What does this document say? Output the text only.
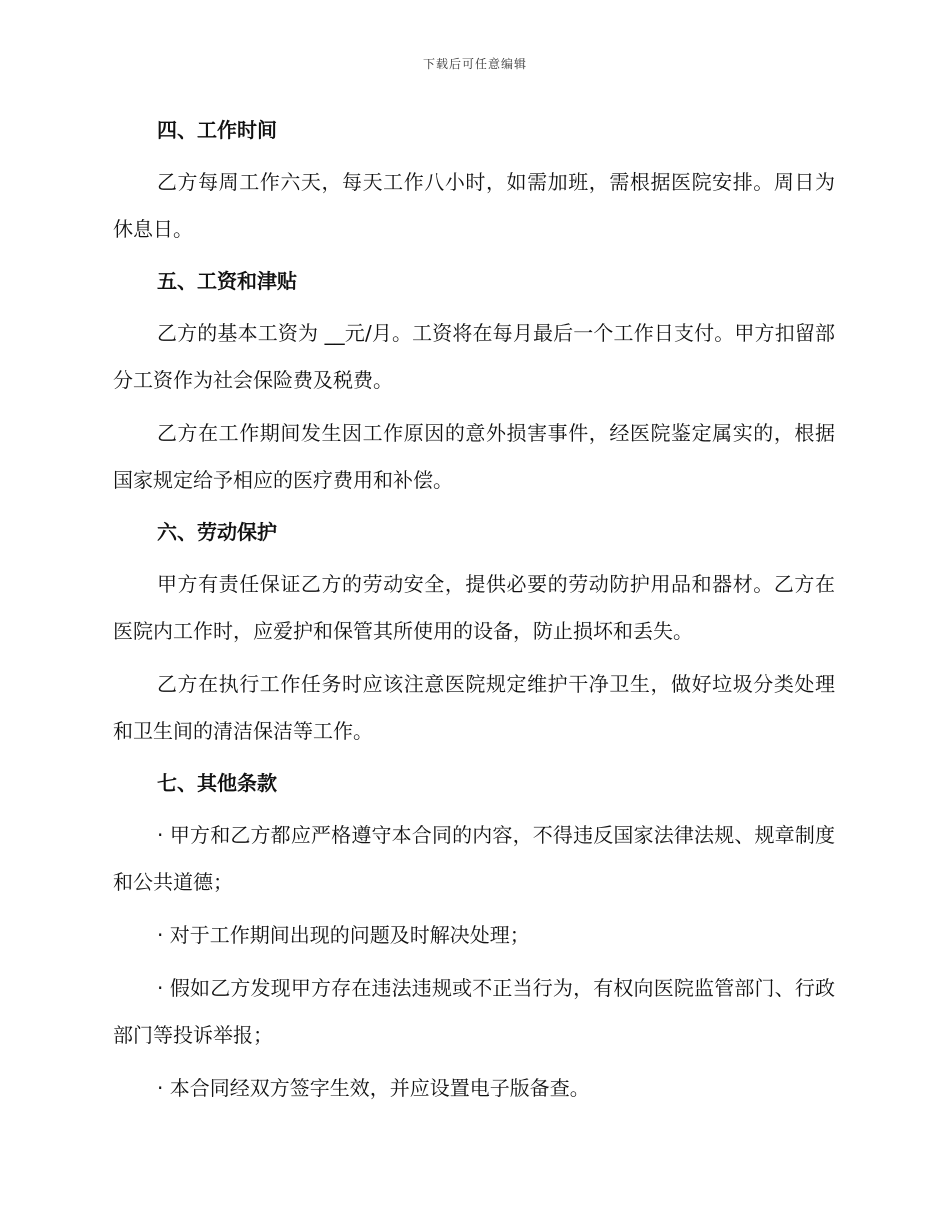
下载后可任意编辑
四、工作时间

乙方每周工作六天，每天工作八小时，如需加班，需根据医院安排。周日为休息日。

五、工资和津贴

乙方的基本工资为 __元/月。工资将在每月最后一个工作日支付。甲方扣留部分工资作为社会保险费及税费。

乙方在工作期间发生因工作原因的意外损害事件，经医院鉴定属实的，根据国家规定给予相应的医疗费用和补偿。

六、劳动保护

甲方有责任保证乙方的劳动安全，提供必要的劳动防护用品和器材。乙方在医院内工作时，应爱护和保管其所使用的设备，防止损坏和丢失。

乙方在执行工作任务时应该注意医院规定维护干净卫生，做好垃圾分类处理和卫生间的清洁保洁等工作。

七、其他条款

· 甲方和乙方都应严格遵守本合同的内容，不得违反国家法律法规、规章制度和公共道德；

· 对于工作期间出现的问题及时解决处理；

· 假如乙方发现甲方存在违法违规或不正当行为，有权向医院监管部门、行政部门等投诉举报；

· 本合同经双方签字生效，并应设置电子版备查。
